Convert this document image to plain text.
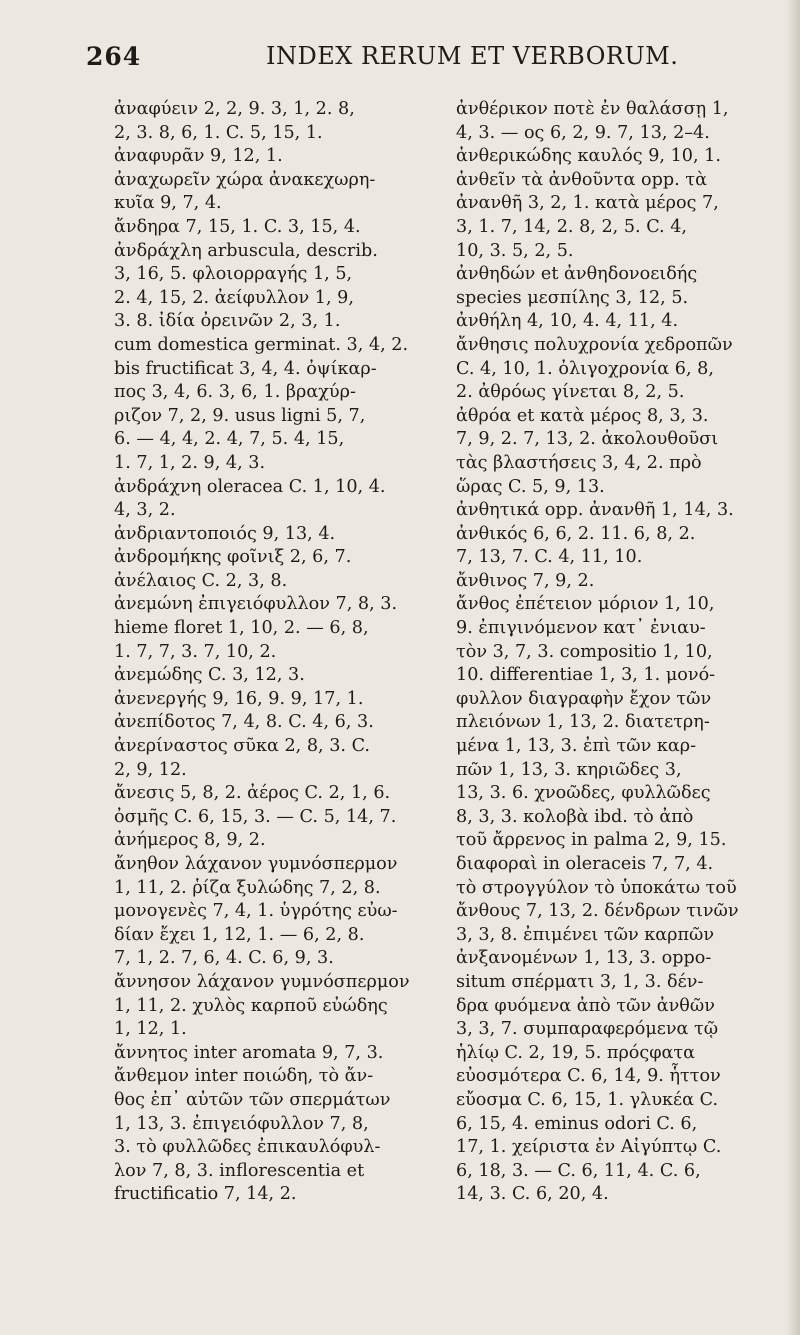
264	INDEX RERUM ET VERBORUM.
ἀναφύειν 2, 2, 9. 3, 1, 2. 8,
2, 3. 8, 6, 1. C. 5, 15, 1.
ἀναφυρᾶν 9, 12, 1.
ἀναχωρεῖν χώρα ἀνακεχωρη-
κυῖα 9, 7, 4.
ἄνδηρα 7, 15, 1. C. 3, 15, 4.
ἀνδράχλη arbuscula, describ.
3, 16, 5. φλοιορραγής 1, 5,
2. 4, 15, 2. ἀείφυλλον 1, 9,
3. 8. ἰδία ὀρεινῶν 2, 3, 1.
cum domestica germinat. 3, 4, 2.
bis fructificat 3, 4, 4. ὀψίκαρ-
πος 3, 4, 6. 3, 6, 1. βραχύρ-
ριζον 7, 2, 9. usus ligni 5, 7,
6. — 4, 4, 2. 4, 7, 5. 4, 15,
1. 7, 1, 2. 9, 4, 3.
ἀνδράχνη oleracea C. 1, 10, 4.
4, 3, 2.
ἀνδριαντοποιός 9, 13, 4.
ἀνδρομήκης φοῖνιξ 2, 6, 7.
ἀνέλαιος C. 2, 3, 8.
ἀνεμώνη ἐπιγειόφυλλον 7, 8, 3.
hieme floret 1, 10, 2. — 6, 8,
1. 7, 7, 3. 7, 10, 2.
ἀνεμώδης C. 3, 12, 3.
ἀνενεργής 9, 16, 9. 9, 17, 1.
ἀνεπίδοτος 7, 4, 8. C. 4, 6, 3.
ἀνερίναστος σῦκα 2, 8, 3. C.
2, 9, 12.
ἄνεσις 5, 8, 2. ἀέρος C. 2, 1, 6.
ὀσμῆς C. 6, 15, 3. — C. 5, 14, 7.
ἀνήμερος 8, 9, 2.
ἄνηθον λάχανον γυμνόσπερμον
1, 11, 2. ῥίζα ξυλώδης 7, 2, 8.
μονογενὲς 7, 4, 1. ὑγρότης εὐω-
δίαν ἔχει 1, 12, 1. — 6, 2, 8.
7, 1, 2. 7, 6, 4. C. 6, 9, 3.
ἄννησον λάχανον γυμνόσπερμον
1, 11, 2. χυλὸς καρποῦ εὐώδης
1, 12, 1.
ἄννητος inter aromata 9, 7, 3.
ἄνθεμον inter ποιώδη, τὸ ἄν-
θος ἐπ᾽ αὐτῶν τῶν σπερμάτων
1, 13, 3. ἐπιγειόφυλλον 7, 8,
3. τὸ φυλλῶδες ἐπικαυλόφυλ-
λον 7, 8, 3. inflorescentia et
fructificatio 7, 14, 2.
ἀνθέρικον ποτὲ ἐν θαλάσσῃ 1,
4, 3. — ος 6, 2, 9. 7, 13, 2–4.
ἀνθερικώδης καυλός 9, 10, 1.
ἀνθεῖν τὰ ἀνθοῦντα opp. τὰ
ἀνανθῆ 3, 2, 1. κατὰ μέρος 7,
3, 1. 7, 14, 2. 8, 2, 5. C. 4,
10, 3. 5, 2, 5.
ἀνθηδών et ἀνθηδονοειδής
species μεσπίλης 3, 12, 5.
ἀνθήλη 4, 10, 4. 4, 11, 4.
ἄνθησις πολυχρονία χεδροπῶν
C. 4, 10, 1. ὀλιγοχρονία 6, 8,
2. ἀθρόως γίνεται 8, 2, 5.
ἀθρόα et κατὰ μέρος 8, 3, 3.
7, 9, 2. 7, 13, 2. ἀκολουθοῦσι
τὰς βλαστήσεις 3, 4, 2. πρὸ
ὥρας C. 5, 9, 13.
ἀνθητικά opp. ἀνανθῆ 1, 14, 3.
ἀνθικός 6, 6, 2. 11. 6, 8, 2.
7, 13, 7. C. 4, 11, 10.
ἄνθινος 7, 9, 2.
ἄνθος ἐπέτειον μόριον 1, 10,
9. ἐπιγινόμενον κατ᾽ ἐνιαυ-
τὸν 3, 7, 3. compositio 1, 10,
10. differentiae 1, 3, 1. μονό-
φυλλον διαγραφὴν ἔχον τῶν
πλειόνων 1, 13, 2. διατετρη-
μένα 1, 13, 3. ἐπὶ τῶν καρ-
πῶν 1, 13, 3. κηριῶδες 3,
13, 3. 6. χνοῶδες, φυλλῶδες
8, 3, 3. κολοβὰ ibd. τὸ ἀπὸ
τοῦ ἄρρενος in palma 2, 9, 15.
διαφοραὶ in oleraceis 7, 7, 4.
τὸ στρογγύλον τὸ ὑποκάτω τοῦ
ἄνθους 7, 13, 2. δένδρων τινῶν
3, 3, 8. ἐπιμένει τῶν καρπῶν
ἀνξανομένων 1, 13, 3. oppo-
situm σπέρματι 3, 1, 3. δέν-
δρα φυόμενα ἀπὸ τῶν ἀνθῶν
3, 3, 7. συμπαραφερόμενα τῷ
ἡλίῳ C. 2, 19, 5. πρόςφατα
εὐοσμότερα C. 6, 14, 9. ἧττον
εὔοσμα C. 6, 15, 1. γλυκέα C.
6, 15, 4. eminus odori C. 6,
17, 1. χείριστα ἐν Αἰγύπτῳ C.
6, 18, 3. — C. 6, 11, 4. C. 6,
14, 3. C. 6, 20, 4.
